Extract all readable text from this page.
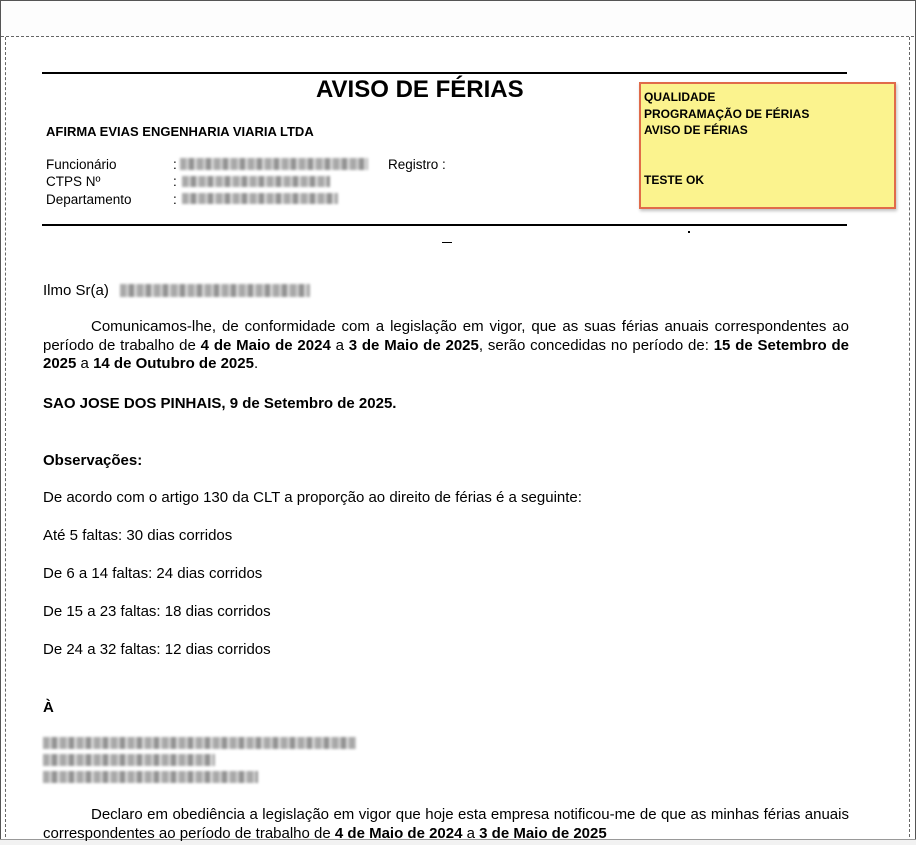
AVISO DE FÉRIAS
AFIRMA EVIAS ENGENHARIA VIARIA LTDA
Funcionário
CTPS Nº
Departamento
:
:
:
Registro :
QUALIDADE
PROGRAMAÇÃO DE FÉRIAS
AVISO DE FÉRIAS
TESTE OK
Ilmo Sr(a)
Comunicamos-lhe, de conformidade com a legislação em vigor, que as suas férias anuais correspondentes ao período de trabalho de 4 de Maio de 2024 a 3 de Maio de 2025, serão concedidas no período de: 15 de Setembro de 2025 a 14 de Outubro de 2025.
SAO JOSE DOS PINHAIS, 9 de Setembro de 2025.
Observações:
De acordo com o artigo 130 da CLT a proporção ao direito de férias é a seguinte:
Até 5 faltas: 30 dias corridos
De 6 a 14 faltas: 24 dias corridos
De 15 a 23 faltas: 18 dias corridos
De 24 a 32 faltas: 12 dias corridos
À
Declaro em obediência a legislação em vigor que hoje esta empresa notificou-me de que as minhas férias anuais correspondentes ao período de trabalho de 4 de Maio de 2024 a 3 de Maio de 2025
